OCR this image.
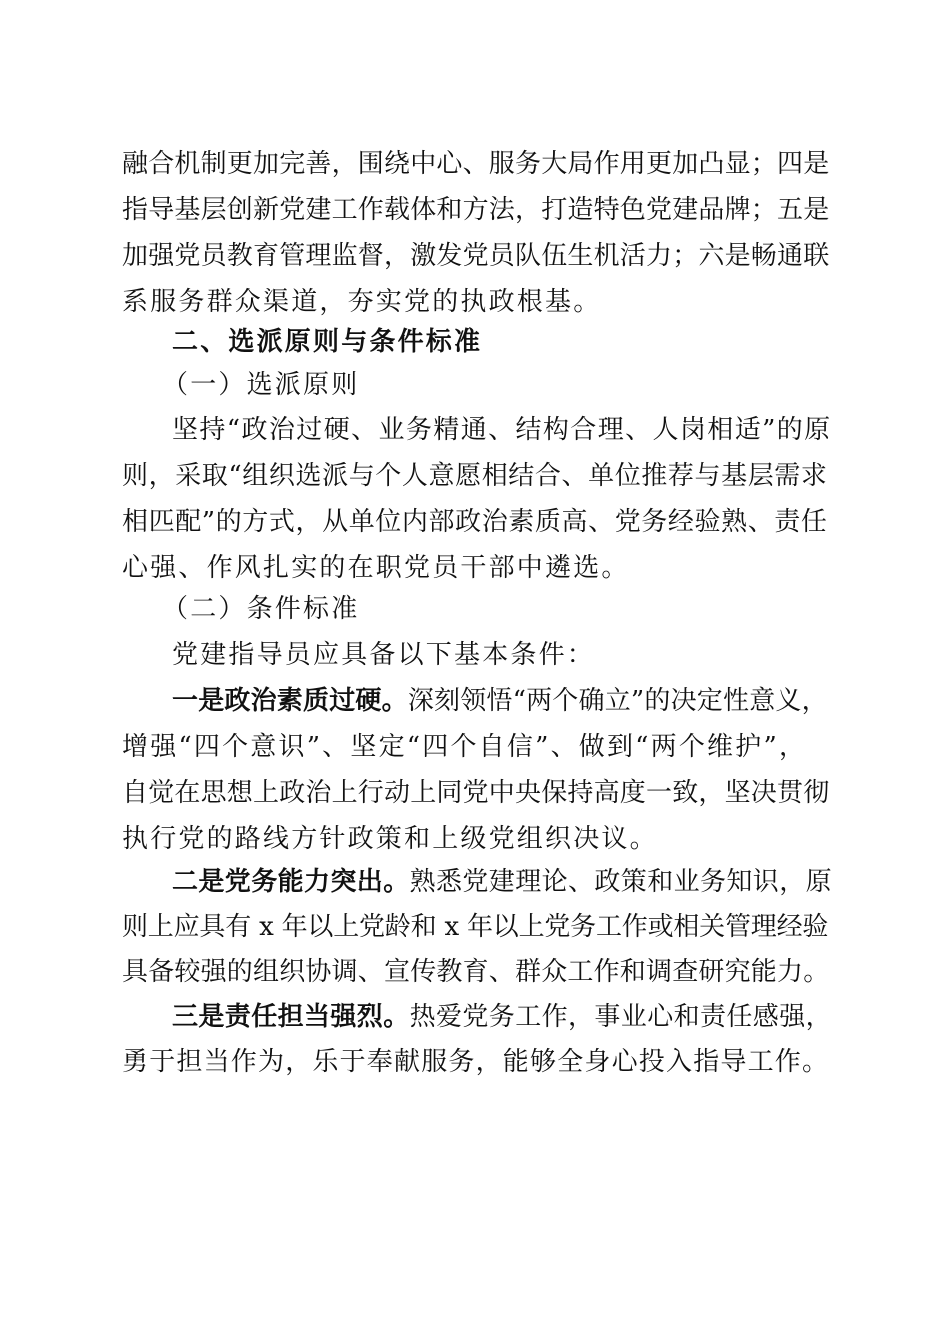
融合机制更加完善，围绕中心、服务大局作用更加凸显；四是
指导基层创新党建工作载体和方法，打造特色党建品牌；五是
加强党员教育管理监督，激发党员队伍生机活力；六是畅通联
系服务群众渠道，夯实党的执政根基。
二、选派原则与条件标准
（一）选派原则
坚持“政治过硬、业务精通、结构合理、人岗相适”的原
则，采取“组织选派与个人意愿相结合、单位推荐与基层需求
相匹配”的方式，从单位内部政治素质高、党务经验熟、责任
心强、作风扎实的在职党员干部中遴选。
（二）条件标准
党建指导员应具备以下基本条件：
一是政治素质过硬。深刻领悟“两个确立”的决定性意义，
增强“四个意识”、坚定“四个自信”、做到“两个维护”，
自觉在思想上政治上行动上同党中央保持高度一致，坚决贯彻
执行党的路线方针政策和上级党组织决议。
二是党务能力突出。熟悉党建理论、政策和业务知识，原
则上应具有 x 年以上党龄和 x 年以上党务工作或相关管理经验
具备较强的组织协调、宣传教育、群众工作和调查研究能力。
三是责任担当强烈。热爱党务工作，事业心和责任感强，
勇于担当作为，乐于奉献服务，能够全身心投入指导工作。
